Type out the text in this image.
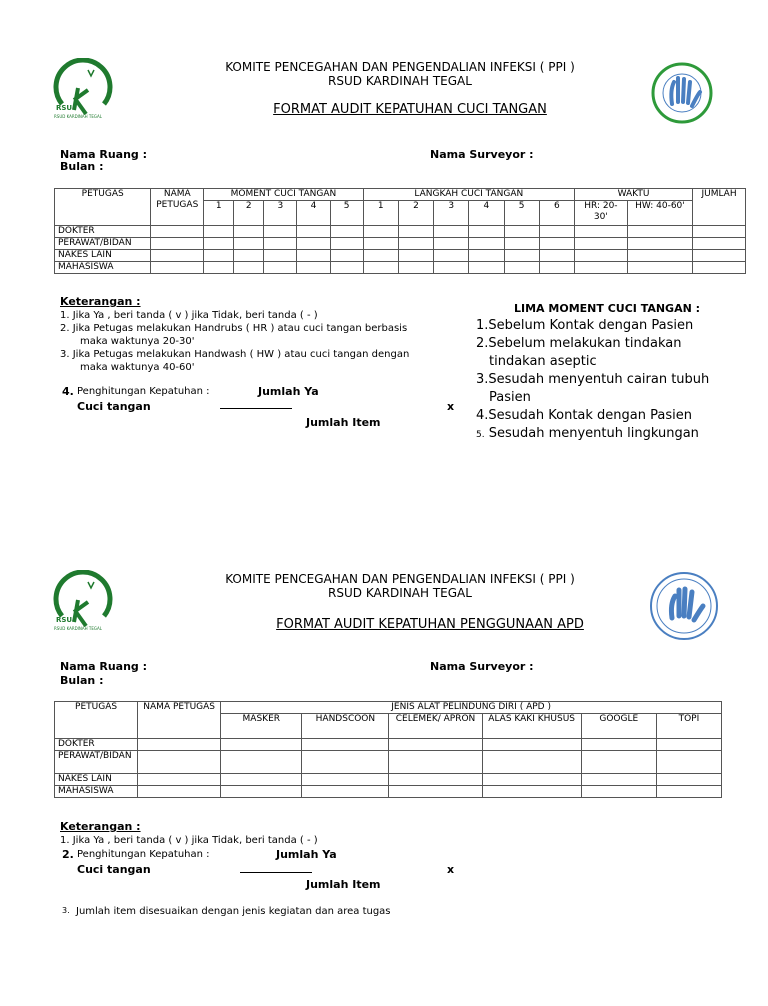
RSU
RSUD KARDINAH TEGAL
KOMITE PENCEGAHAN DAN PENGENDALIAN INFEKSI ( PPI )
RSUD KARDINAH TEGAL
FORMAT AUDIT KEPATUHAN CUCI TANGAN
Nama Ruang :
Bulan :
Nama Surveyor :
PETUGAS	NAMA PETUGAS	MOMENT CUCI TANGAN					LANGKAH CUCI TANGAN						WAKTU		JUMLAH
		1	2	3	4	5	1	2	3	4	5	6	HR: 20-30'	HW: 40-60'	
DOKTER															
PERAWAT/BIDAN															
NAKES LAIN															
MAHASISWA															
Keterangan :
1. Jika Ya , beri tanda ( v ) jika Tidak, beri tanda ( - )
2. Jika Petugas melakukan Handrubs ( HR ) atau cuci tangan berbasis
maka waktunya 20-30'
3. Jika Petugas melakukan Handwash ( HW ) atau cuci tangan dengan
maka waktunya 40-60'
4. Penghitungan Kepatuhan :	Jumlah Ya
Cuci tangan	x
Jumlah Item
LIMA MOMENT CUCI TANGAN :
1.Sebelum Kontak dengan Pasien
2.Sebelum melakukan tindakan
tindakan aseptic
3.Sesudah menyentuh cairan tubuh
Pasien
4.Sesudah Kontak dengan Pasien
5. Sesudah menyentuh lingkungan
RSU
RSUD KARDINAH TEGAL
KOMITE PENCEGAHAN DAN PENGENDALIAN INFEKSI ( PPI )
RSUD KARDINAH TEGAL
FORMAT AUDIT KEPATUHAN PENGGUNAAN APD
Nama Ruang :
Bulan :
Nama Surveyor :
PETUGAS	NAMA PETUGAS	JENIS ALAT PELINDUNG DIRI ( APD )					
		MASKER	HANDSCOON	CELEMEK/ APRON	ALAS KAKI KHUSUS	GOOGLE	TOPI
DOKTER							
PERAWAT/BIDAN							
NAKES LAIN							
MAHASISWA							
Keterangan :
1. Jika Ya , beri tanda ( v ) jika Tidak, beri tanda ( - )
2. Penghitungan Kepatuhan :	Jumlah Ya
Cuci tangan	x
Jumlah Item
3. Jumlah item disesuaikan dengan jenis kegiatan dan area tugas
